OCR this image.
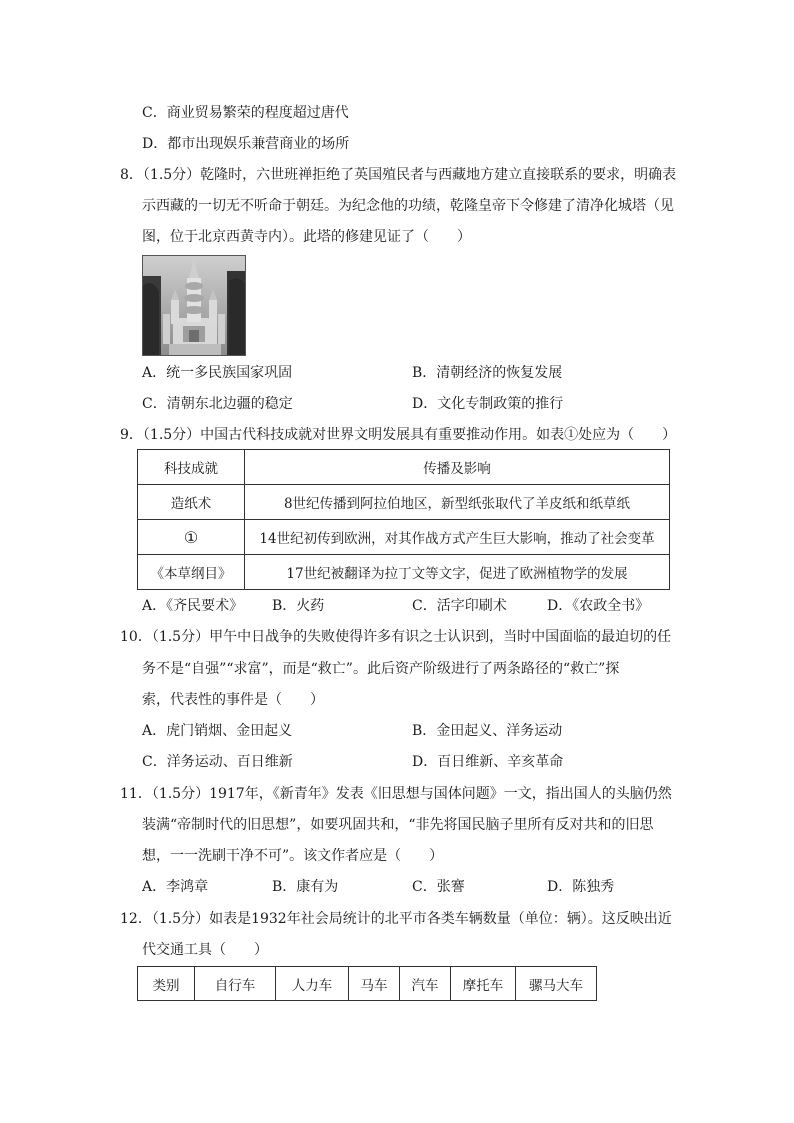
C．商业贸易繁荣的程度超过唐代
D．都市出现娱乐兼营商业的场所
8．（1.5分）乾隆时，六世班禅拒绝了英国殖民者与西藏地方建立直接联系的要求，明确表
示西藏的一切无不听命于朝廷。为纪念他的功绩，乾隆皇帝下令修建了清净化城塔（见
图，位于北京西黄寺内）。此塔的修建见证了（　　）
A．统一多民族国家巩固	B．清朝经济的恢复发展
C．清朝东北边疆的稳定	D．文化专制政策的推行
9．（1.5分）中国古代科技成就对世界文明发展具有重要推动作用。如表①处应为（　　）
科技成就	传播及影响
造纸术	8世纪传播到阿拉伯地区，新型纸张取代了羊皮纸和纸草纸
①	14世纪初传到欧洲，对其作战方式产生巨大影响，推动了社会变革
《本草纲目》	17世纪被翻译为拉丁文等文字，促进了欧洲植物学的发展
A．《齐民要术》 B．火药	C．活字印刷术	D．《农政全书》
10．（1.5分）甲午中日战争的失败使得许多有识之士认识到，当时中国面临的最迫切的任
务不是“自强”“求富”，而是“救亡”。此后资产阶级进行了两条路径的“救亡”探
索，代表性的事件是（　　）
A．虎门销烟、金田起义	B．金田起义、洋务运动
C．洋务运动、百日维新	D．百日维新、辛亥革命
11．（1.5分）1917年，《新青年》发表《旧思想与国体问题》一文，指出国人的头脑仍然
装满“帝制时代的旧思想”，如要巩固共和，“非先将国民脑子里所有反对共和的旧思
想，一一洗刷干净不可”。该文作者应是（　　）
A．李鸿章	B．康有为	C．张謇	D．陈独秀
12．（1.5分）如表是1932年社会局统计的北平市各类车辆数量（单位：辆）。这反映出近
代交通工具（　　）
类别	自行车	人力车	马车	汽车	摩托车	骡马大车
